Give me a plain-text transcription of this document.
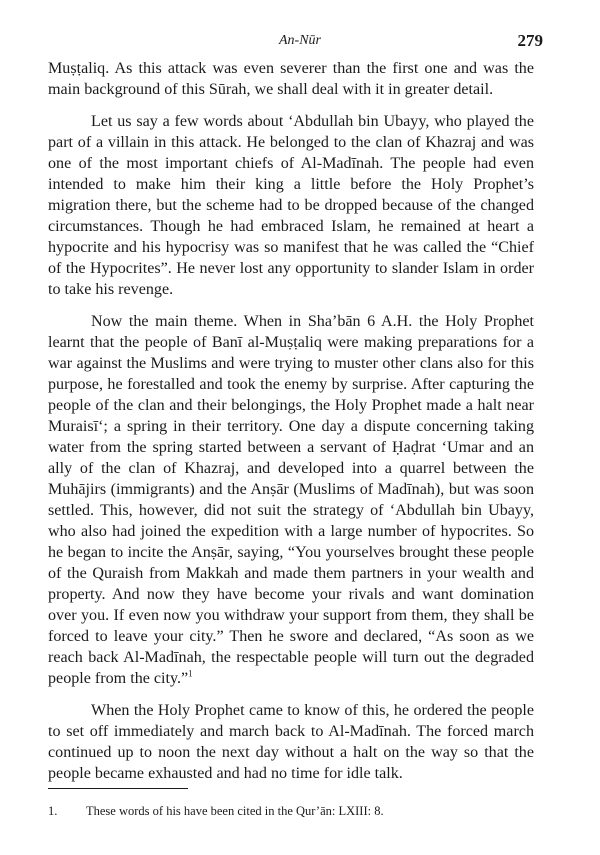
An-Nūr	279

Muṣṭaliq. As this attack was even severer than the first one and was the main background of this Sūrah, we shall deal with it in greater detail.

Let us say a few words about ‘Abdullah bin Ubayy, who played the part of a villain in this attack. He belonged to the clan of Khazraj and was one of the most important chiefs of Al-Madīnah. The people had even intended to make him their king a little before the Holy Prophet’s migration there, but the scheme had to be dropped because of the changed circumstances. Though he had embraced Islam, he remained at heart a hypocrite and his hypocrisy was so manifest that he was called the “Chief of the Hypocrites”. He never lost any opportunity to slander Islam in order to take his revenge.

Now the main theme. When in Sha’bān 6 A.H. the Holy Prophet learnt that the people of Banī al-Muṣṭaliq were making preparations for a war against the Muslims and were trying to muster other clans also for this purpose, he forestalled and took the enemy by surprise. After capturing the people of the clan and their belongings, the Holy Prophet made a halt near Muraisī‘; a spring in their territory. One day a dispute concerning taking water from the spring started between a servant of Ḥaḍrat ‘Umar and an ally of the clan of Khazraj, and developed into a quarrel between the Muhājirs (immigrants) and the Anṣār (Muslims of Madīnah), but was soon settled. This, however, did not suit the strategy of ‘Abdullah bin Ubayy, who also had joined the expedition with a large number of hypocrites. So he began to incite the Anṣār, saying, “You yourselves brought these people of the Quraish from Makkah and made them partners in your wealth and property. And now they have become your rivals and want domination over you. If even now you withdraw your support from them, they shall be forced to leave your city.” Then he swore and declared, “As soon as we reach back Al-Madīnah, the respectable people will turn out the degraded people from the city.”$^1$

When the Holy Prophet came to know of this, he ordered the people to set off immediately and march back to Al-Madīnah. The forced march continued up to noon the next day without a halt on the way so that the people became exhausted and had no time for idle talk.

1. These words of his have been cited in the Qur’ān: LXIII: 8.
